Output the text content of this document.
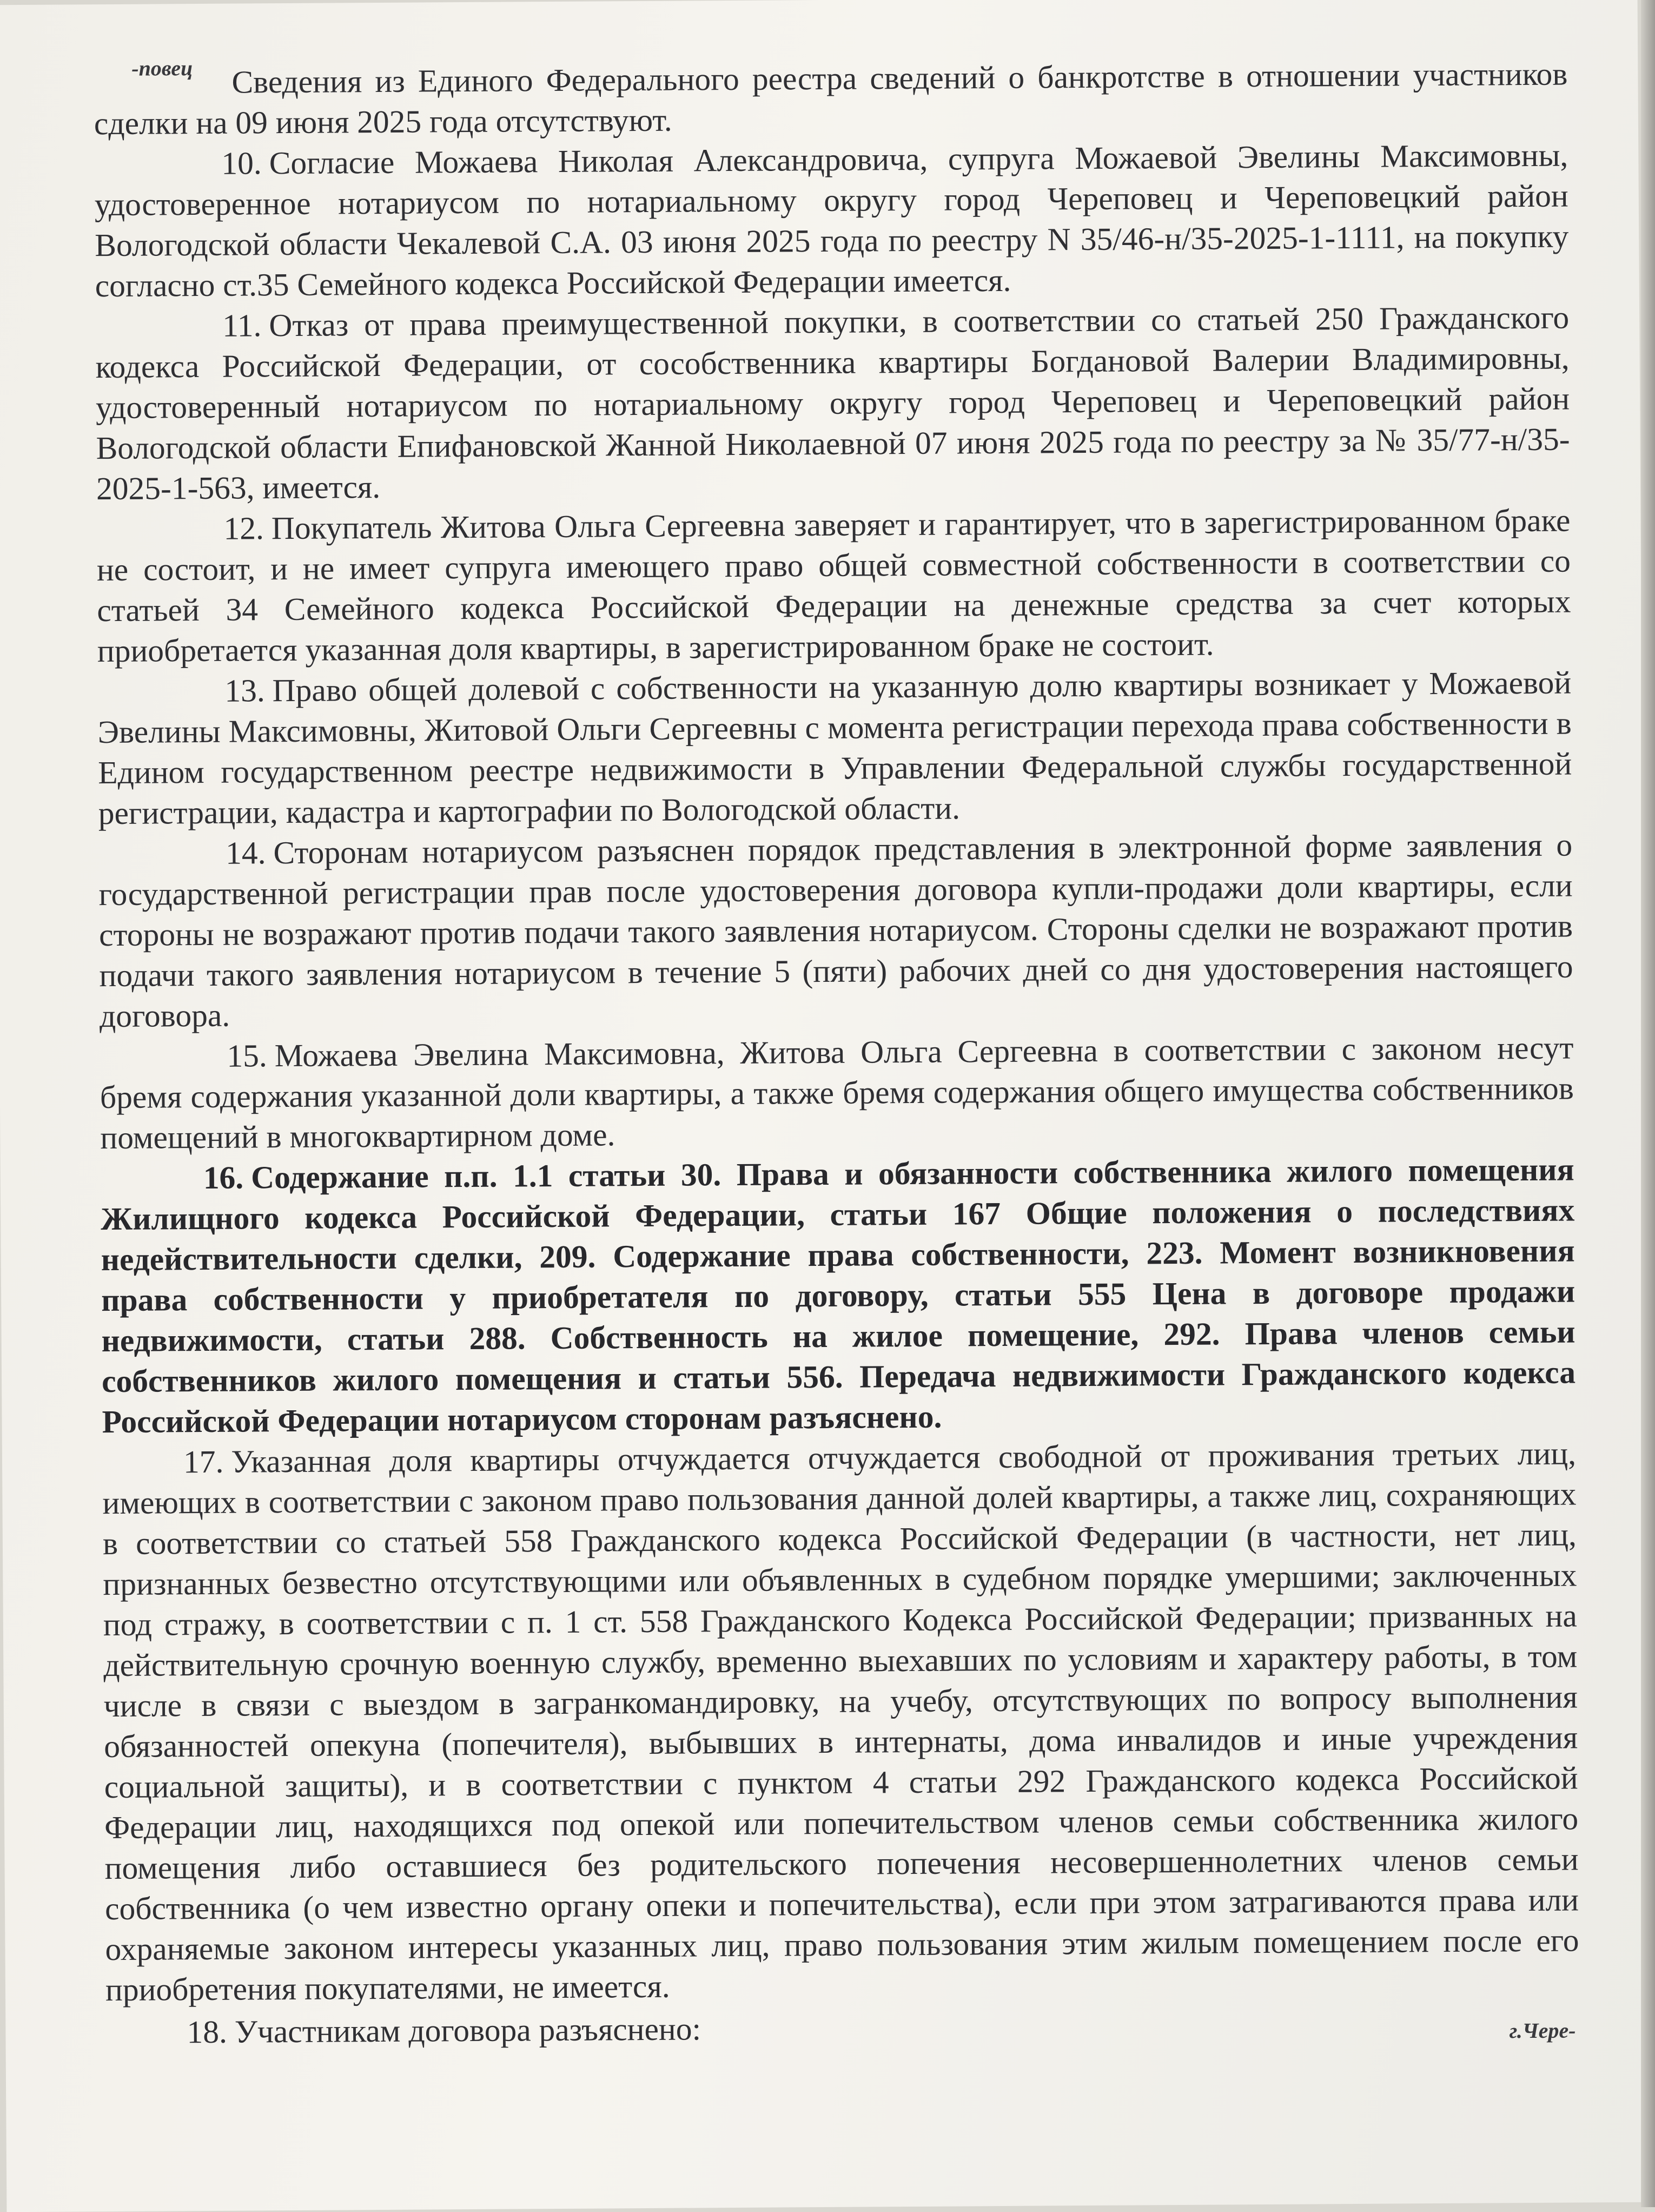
-повец	Сведения из Единого Федерального реестра сведений о банкротстве в отношении участников сделки на 09 июня 2025 года отсутствуют.

10. Согласие Можаева Николая Александровича, супруга Можаевой Эвелины Максимовны, удостоверенное нотариусом по нотариальному округу город Череповец и Череповецкий район Вологодской области Чекалевой С.А. 03 июня 2025 года по реестру N 35/46-н/35-2025-1-1111, на покупку согласно ст.35 Семейного кодекса Российской Федерации имеется.

11. Отказ от права преимущественной покупки, в соответствии со статьей 250 Гражданского кодекса Российской Федерации, от сособственника квартиры Богдановой Валерии Владимировны, удостоверенный нотариусом по нотариальному округу город Череповец и Череповецкий район Вологодской области Епифановской Жанной Николаевной 07 июня 2025 года по реестру за № 35/77-н/35-2025-1-563, имеется.

12. Покупатель Житова Ольга Сергеевна заверяет и гарантирует, что в зарегистрированном браке не состоит, и не имеет супруга имеющего право общей совместной собственности в соответствии со статьей 34 Семейного кодекса Российской Федерации на денежные средства за счет которых приобретается указанная доля квартиры, в зарегистрированном браке не состоит.

13. Право общей долевой с собственности на указанную долю квартиры возникает у Можаевой Эвелины Максимовны, Житовой Ольги Сергеевны с момента регистрации перехода права собственности в Едином государственном реестре недвижимости в Управлении Федеральной службы государственной регистрации, кадастра и картографии по Вологодской области.

14. Сторонам нотариусом разъяснен порядок представления в электронной форме заявления о государственной регистрации прав после удостоверения договора купли-продажи доли квартиры, если стороны не возражают против подачи такого заявления нотариусом. Стороны сделки не возражают против подачи такого заявления нотариусом в течение 5 (пяти) рабочих дней со дня удостоверения настоящего договора.

15. Можаева Эвелина Максимовна, Житова Ольга Сергеевна в соответствии с законом несут бремя содержания указанной доли квартиры, а также бремя содержания общего имущества собственников помещений в многоквартирном доме.

16. Содержание п.п. 1.1 статьи 30. Права и обязанности собственника жилого помещения Жилищного кодекса Российской Федерации, статьи 167 Общие положения о последствиях недействительности сделки, 209. Содержание права собственности, 223. Момент возникновения права собственности у приобретателя по договору, статьи 555 Цена в договоре продажи недвижимости, статьи 288. Собственность на жилое помещение, 292. Права членов семьи собственников жилого помещения и статьи 556. Передача недвижимости Гражданского кодекса Российской Федерации нотариусом сторонам разъяснено.

17. Указанная доля квартиры отчуждается отчуждается свободной от проживания третьих лиц, имеющих в соответствии с законом право пользования данной долей квартиры, а также лиц, сохраняющих в соответствии со статьей 558 Гражданского кодекса Российской Федерации (в частности, нет лиц, признанных безвестно отсутствующими или объявленных в судебном порядке умершими; заключенных под стражу, в соответствии с п. 1 ст. 558 Гражданского Кодекса Российской Федерации; призванных на действительную срочную военную службу, временно выехавших по условиям и характеру работы, в том числе в связи с выездом в загранкомандировку, на учебу, отсутствующих по вопросу выполнения обязанностей опекуна (попечителя), выбывших в интернаты, дома инвалидов и иные учреждения социальной защиты), и в соответствии с пунктом 4 статьи 292 Гражданского кодекса Российской Федерации лиц, находящихся под опекой или попечительством членов семьи собственника жилого помещения либо оставшиеся без родительского попечения несовершеннолетних членов семьи собственника (о чем известно органу опеки и попечительства), если при этом затрагиваются права или охраняемые законом интересы указанных лиц, право пользования этим жилым помещением после его приобретения покупателями, не имеется.

18. Участникам договора разъяснено:	г.Чере-
